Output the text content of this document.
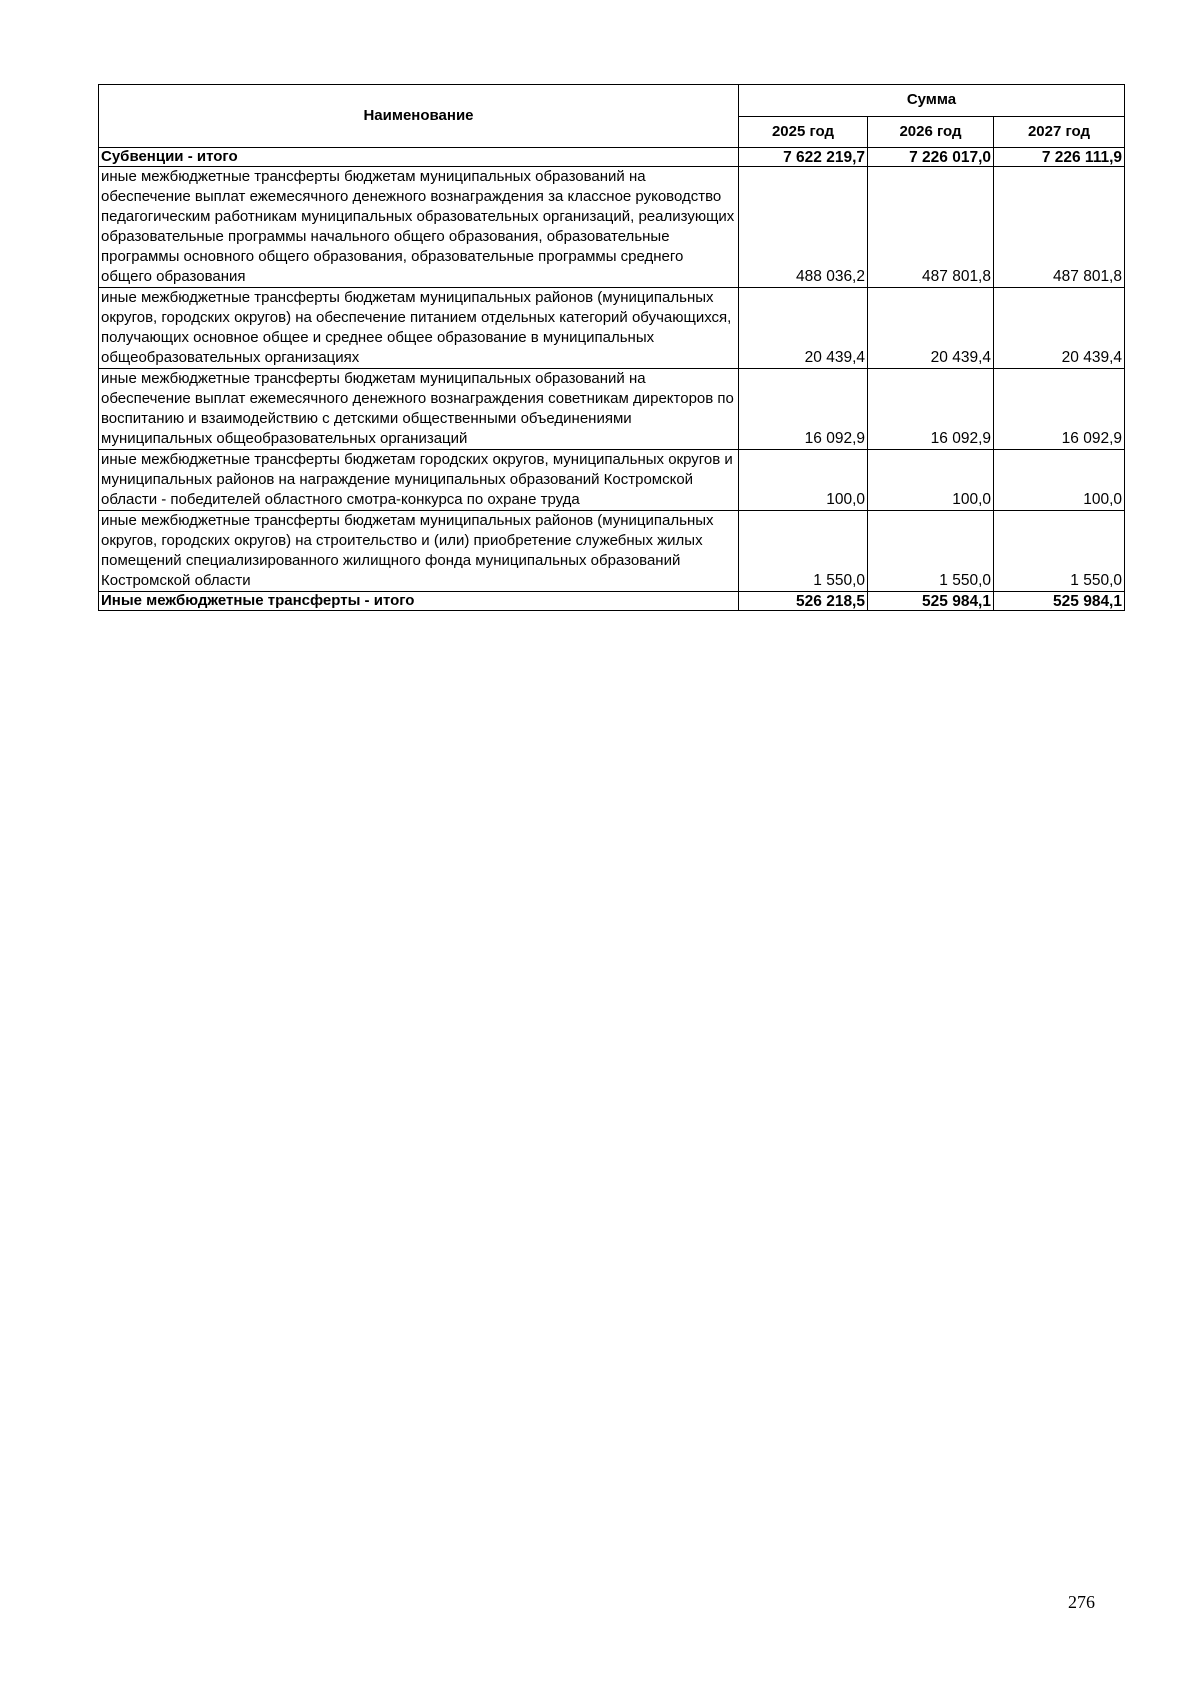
Наименование	Сумма		
	2025 год	2026 год	2027 год
Субвенции - итого	7 622 219,7	7 226 017,0	7 226 111,9
иные межбюджетные трансферты бюджетам муниципальных образований на обеспечение выплат ежемесячного денежного вознаграждения за классное руководство педагогическим работникам муниципальных образовательных организаций, реализующих образовательные программы начального общего образования, образовательные программы основного общего образования, образовательные программы среднего общего образования	488 036,2	487 801,8	487 801,8
иные межбюджетные трансферты бюджетам муниципальных районов (муниципальных округов, городских округов) на обеспечение питанием отдельных категорий обучающихся, получающих основное общее и среднее общее образование в муниципальных общеобразовательных организациях	20 439,4	20 439,4	20 439,4
иные межбюджетные трансферты бюджетам муниципальных образований на обеспечение выплат ежемесячного денежного вознаграждения советникам директоров по воспитанию и взаимодействию с детскими общественными объединениями муниципальных общеобразовательных организаций	16 092,9	16 092,9	16 092,9
иные межбюджетные трансферты бюджетам городских округов, муниципальных округов и муниципальных районов на награждение муниципальных образований Костромской области - победителей областного смотра-конкурса по охране труда	100,0	100,0	100,0
иные межбюджетные трансферты бюджетам муниципальных районов (муниципальных округов, городских округов) на строительство и (или) приобретение служебных жилых помещений специализированного жилищного фонда муниципальных образований Костромской области	1 550,0	1 550,0	1 550,0
Иные межбюджетные трансферты - итого	526 218,5	525 984,1	525 984,1
276
